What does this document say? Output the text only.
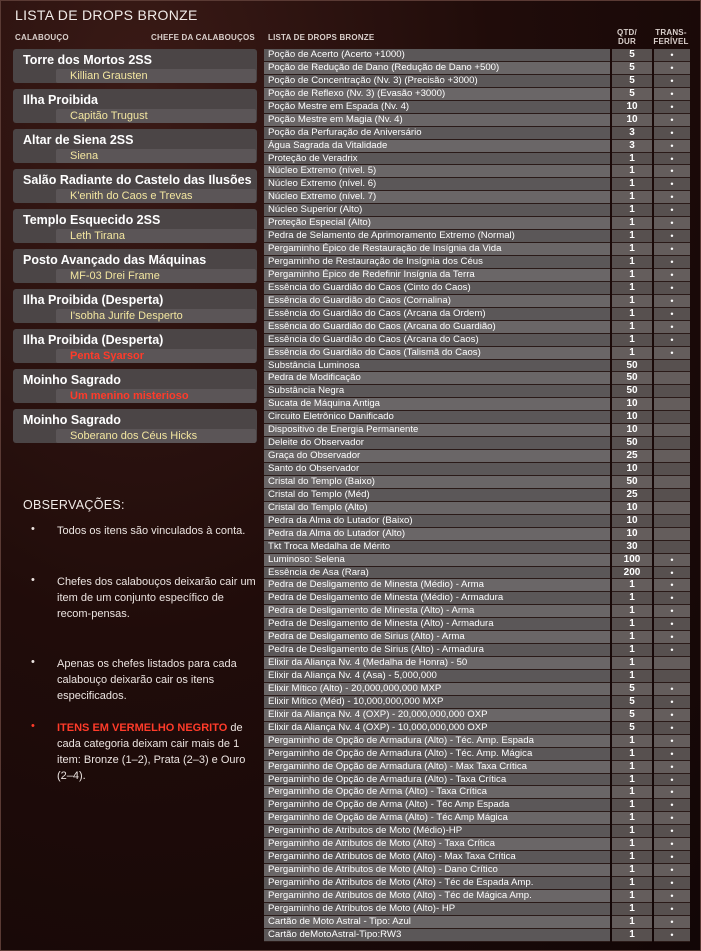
LISTA DE DROPS BRONZE
CALABOUÇO	CHEFE DA CALABOUÇOS LISTA DE DROPS BRONZE
QTD/
DUR
TRANS-
FERÍVEL
Torre dos Mortos 2SS
Killian Grausten
Ilha Proibida
Capitão Trugust
Altar de Siena 2SS
Siena
Salão Radiante do Castelo das Ilusões
K'enith do Caos e Trevas
Templo Esquecido 2SS
Leth Tirana
Posto Avançado das Máquinas
MF-03 Drei Frame
Ilha Proibida (Desperta)
I'sobha Jurife Desperto
Ilha Proibida (Desperta)
Penta Syarsor
Moinho Sagrado
Um menino misterioso
Moinho Sagrado
Soberano dos Céus Hicks
OBSERVAÇÕES:
• Todos os itens são vinculados à conta.
• Chefes dos calabouços deixarão cair um item de um conjunto específico de recom-pensas.
• Apenas os chefes listados para cada calabouço deixarão cair os itens especificados.
• ITENS EM VERMELHO NEGRITO de cada categoria deixam cair mais de 1 item: Bronze (1–2), Prata (2–3) e Ouro (2–4).
Poção de Acerto (Acerto +1000)	5	•
Poção de Redução de Dano (Redução de Dano +500)	5	•
Poção de Concentração (Nv. 3) (Precisão +3000)	5	•
Poção de Reflexo (Nv. 3) (Evasão +3000)	5	•
Poção Mestre em Espada (Nv. 4)	10	•
Poção Mestre em Magia (Nv. 4)	10	•
Poção da Perfuração de Aniversário	3	•
Água Sagrada da Vitalidade	3	•
Proteção de Veradrix	1	•
Núcleo Extremo (nível. 5)	1	•
Núcleo Extremo (nível. 6)	1	•
Núcleo Extremo (nível. 7)	1	•
Núcleo Superior (Alto)	1	•
Proteção Especial (Alto)	1	•
Pedra de Selamento de Aprimoramento Extremo (Normal)	1	•
Pergaminho Épico de Restauração de Insígnia da Vida	1	•
Pergaminho de Restauração de Insígnia dos Céus	1	•
Pergaminho Épico de Redefinir Insígnia da Terra	1	•
Essência do Guardião do Caos (Cinto do Caos)	1	•
Essência do Guardião do Caos (Cornalina)	1	•
Essência do Guardião do Caos (Arcana da Ordem)	1	•
Essência do Guardião do Caos (Arcana do Guardião)	1	•
Essência do Guardião do Caos (Arcana do Caos)	1	•
Essência do Guardião do Caos (Talismã do Caos)	1	•
Substância Luminosa	50
Pedra de Modificação	50
Substância Negra	50
Sucata de Máquina Antiga	10
Circuito Eletrônico Danificado	10
Dispositivo de Energia Permanente	10
Deleite do Observador	50
Graça do Observador	25
Santo do Observador	10
Cristal do Templo (Baixo)	50
Cristal do Templo (Méd)	25
Cristal do Templo (Alto)	10
Pedra da Alma do Lutador (Baixo)	10
Pedra da Alma do Lutador (Alto)	10
Tkt Troca Medalha de Mérito	30
Luminoso: Selena	100	•
Essência de Asa (Rara)	200	•
Pedra de Desligamento de Minesta (Médio) - Arma	1	•
Pedra de Desligamento de Minesta (Médio) - Armadura	1	•
Pedra de Desligamento de Minesta (Alto) - Arma	1	•
Pedra de Desligamento de Minesta (Alto) - Armadura	1	•
Pedra de Desligamento de Sirius (Alto) - Arma	1	•
Pedra de Desligamento de Sirius (Alto) - Armadura	1	•
Elixir da Aliança Nv. 4 (Medalha de Honra) - 50	1
Elixir da Aliança Nv. 4 (Asa) - 5,000,000	1
Elixir Mítico (Alto) - 20,000,000,000 MXP	5	•
Elixir Mítico (Méd) - 10,000,000,000 MXP	5	•
Elixir da Aliança Nv. 4 (OXP) - 20,000,000,000 OXP	5	•
Elixir da Aliança Nv. 4 (OXP) - 10,000,000,000 OXP	5	•
Pergaminho de Opção de Armadura (Alto) - Téc. Amp. Espada	1	•
Pergaminho de Opção de Armadura (Alto) - Téc. Amp. Mágica	1	•
Pergaminho de Opção de Armadura (Alto) - Max Taxa Crítica	1	•
Pergaminho de Opção de Armadura (Alto) - Taxa Crítica	1	•
Pergaminho de Opção de Arma (Alto) - Taxa Crítica	1	•
Pergaminho de Opção de Arma (Alto) - Téc Amp Espada	1	•
Pergaminho de Opção de Arma (Alto) - Téc Amp Mágica	1	•
Pergaminho de Atributos de Moto (Médio)-HP	1	•
Pergaminho de Atributos de Moto (Alto) - Taxa Crítica	1	•
Pergaminho de Atributos de Moto (Alto) - Max Taxa Crítica	1	•
Pergaminho de Atributos de Moto (Alto) - Dano Crítico	1	•
Pergaminho de Atributos de Moto (Alto) - Téc de Espada Amp.	1	•
Pergaminho de Atributos de Moto (Alto) - Téc de Mágica Amp.	1	•
Pergaminho de Atributos de Moto (Alto)- HP	1	•
Cartão de Moto Astral - Tipo: Azul	1	•
Cartão deMotoAstral-Tipo:RW3	1	•
